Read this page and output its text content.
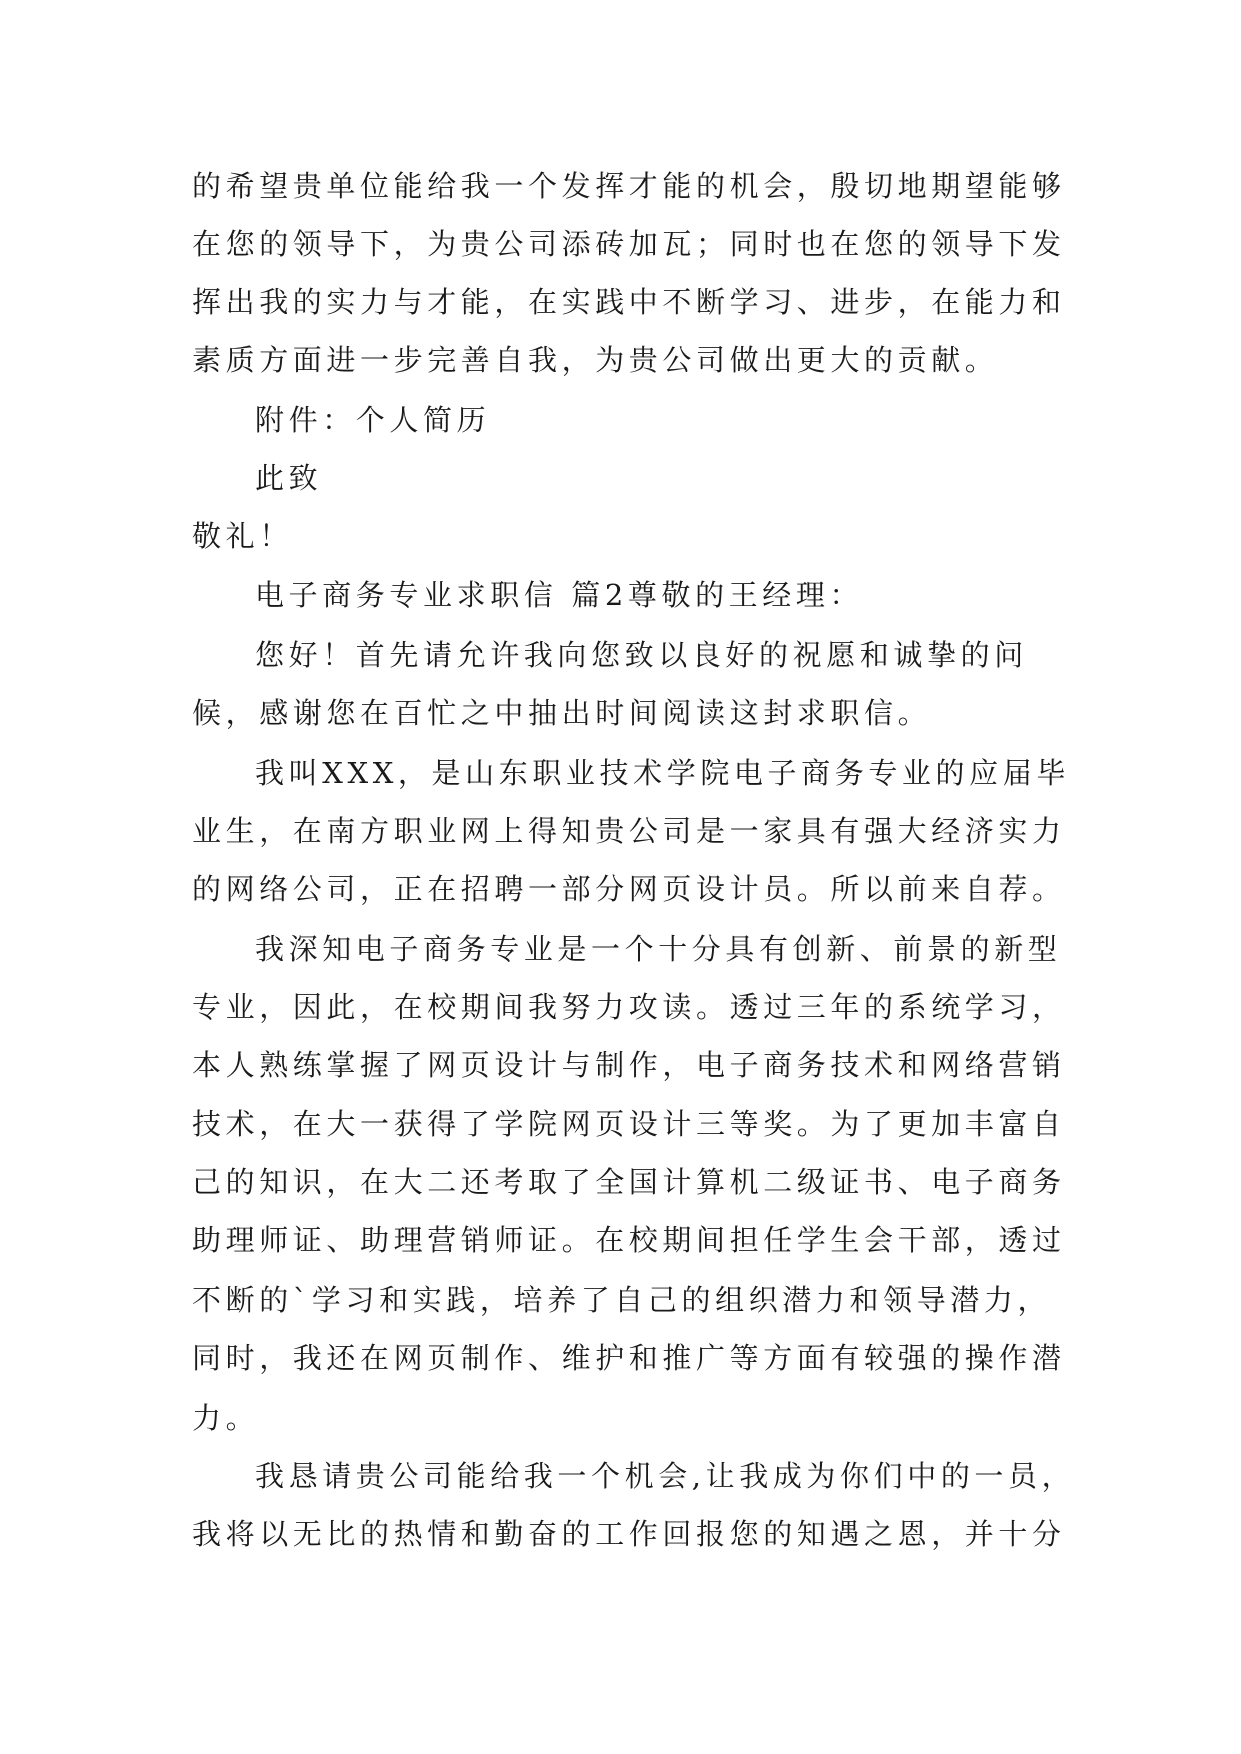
的希望贵单位能给我一个发挥才能的机会，殷切地期望能够
在您的领导下，为贵公司添砖加瓦；同时也在您的领导下发
挥出我的实力与才能，在实践中不断学习、进步，在能力和
素质方面进一步完善自我，为贵公司做出更大的贡献。
附件：个人简历
此致
敬礼！
电子商务专业求职信 篇2尊敬的王经理：
您好！首先请允许我向您致以良好的祝愿和诚挚的问
候，感谢您在百忙之中抽出时间阅读这封求职信。
我叫XXX，是山东职业技术学院电子商务专业的应届毕
业生，在南方职业网上得知贵公司是一家具有强大经济实力
的网络公司，正在招聘一部分网页设计员。所以前来自荐。
我深知电子商务专业是一个十分具有创新、前景的新型
专业，因此，在校期间我努力攻读。透过三年的系统学习，
本人熟练掌握了网页设计与制作，电子商务技术和网络营销
技术，在大一获得了学院网页设计三等奖。为了更加丰富自
己的知识，在大二还考取了全国计算机二级证书、电子商务
助理师证、助理营销师证。在校期间担任学生会干部，透过
不断的`学习和实践，培养了自己的组织潜力和领导潜力，
同时，我还在网页制作、维护和推广等方面有较强的操作潜
力。
我恳请贵公司能给我一个机会,让我成为你们中的一员，
我将以无比的热情和勤奋的工作回报您的知遇之恩，并十分
